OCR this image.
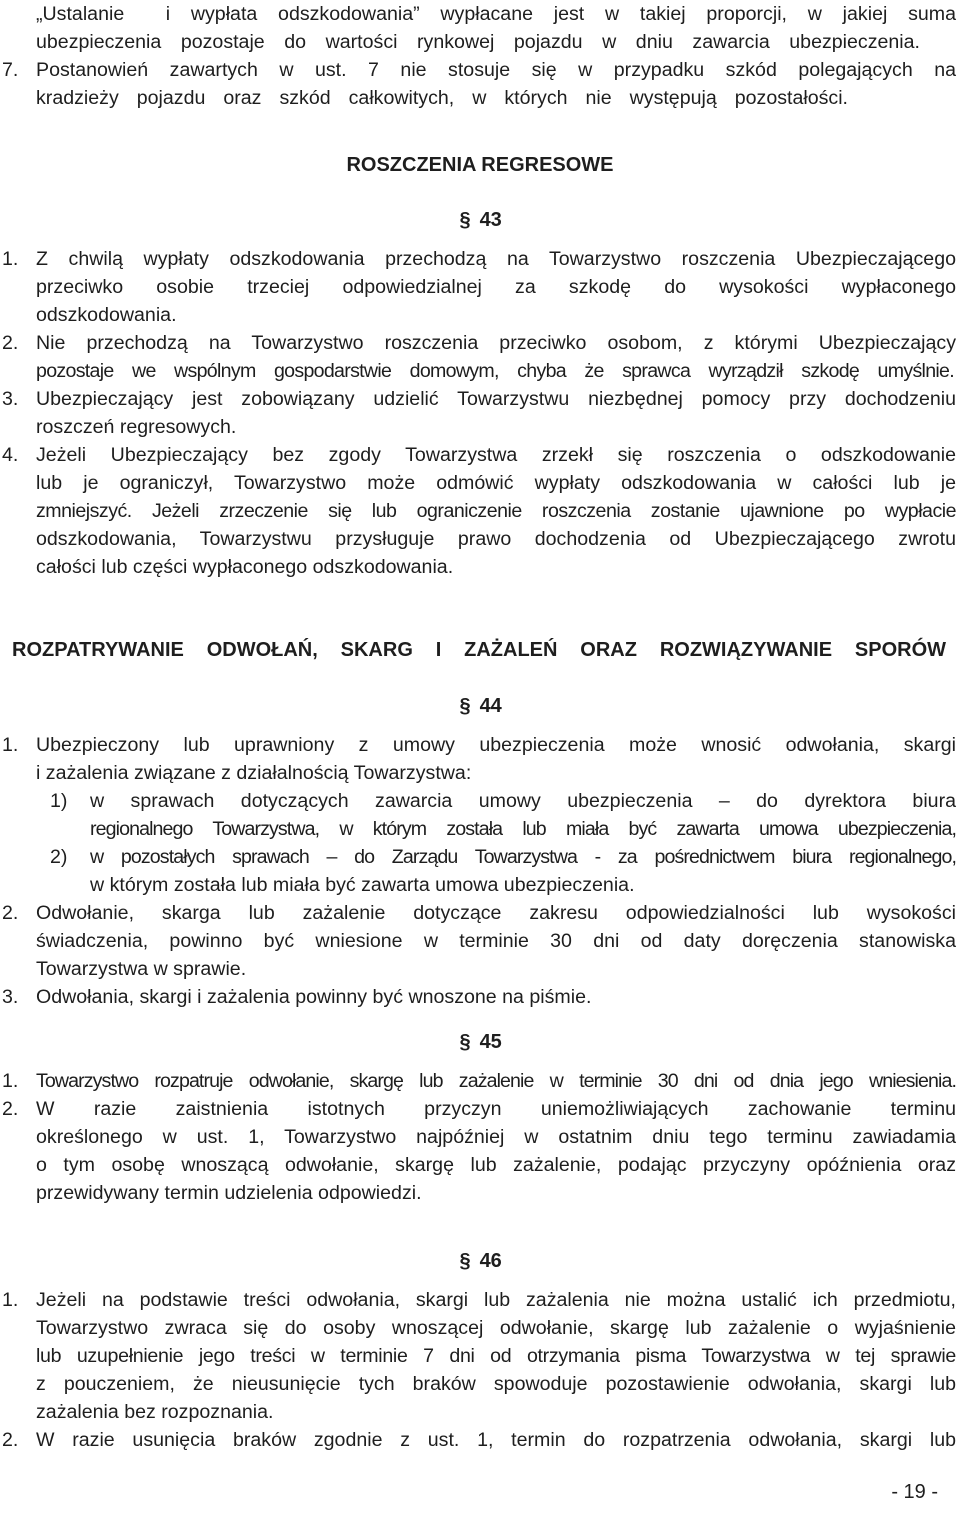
„Ustalanie  i wypłata odszkodowania” wypłacane jest w takiej proporcji, w jakiej suma

ubezpieczenia pozostaje do wartości rynkowej pojazdu w dniu zawarcia ubezpieczenia.

7.

Postanowień zawartych w ust. 7 nie stosuje się w przypadku szkód polegających na

kradzieży pojazdu oraz szkód całkowitych, w których nie występują pozostałości.

ROSZCZENIA REGRESOWE
§ 43

1.

Z chwilą wypłaty odszkodowania przechodzą na Towarzystwo roszczenia Ubezpieczającego

przeciwko osobie trzeciej odpowiedzialnej za szkodę do wysokości wypłaconego

odszkodowania.

2.

Nie przechodzą na Towarzystwo roszczenia przeciwko osobom, z którymi Ubezpieczający

pozostaje we wspólnym gospodarstwie domowym, chyba że sprawca wyrządził szkodę umyślnie.

3.

Ubezpieczający jest zobowiązany udzielić Towarzystwu niezbędnej pomocy przy dochodzeniu

roszczeń regresowych.

4.

Jeżeli Ubezpieczający bez zgody Towarzystwa zrzekł się roszczenia o odszkodowanie

lub je ograniczył, Towarzystwo może odmówić wypłaty odszkodowania w całości lub je

zmniejszyć. Jeżeli zrzeczenie się lub ograniczenie roszczenia zostanie ujawnione po wypłacie

odszkodowania, Towarzystwu przysługuje prawo dochodzenia od Ubezpieczającego zwrotu

całości lub części wypłaconego odszkodowania.

ROZPATRYWANIE ODWOŁAŃ, SKARG I ZAŻALEŃ ORAZ ROZWIĄZYWANIE SPORÓW
§ 44

1.

Ubezpieczony lub uprawniony z umowy ubezpieczenia może wnosić odwołania, skargi

i zażalenia związane z działalnością Towarzystwa:

1)

w sprawach dotyczących zawarcia umowy ubezpieczenia – do dyrektora biura

regionalnego Towarzystwa, w którym została lub miała być zawarta umowa ubezpieczenia,

2)

w pozostałych sprawach – do Zarządu Towarzystwa - za pośrednictwem biura regionalnego,

w którym została lub miała być zawarta umowa ubezpieczenia.

2.

Odwołanie, skarga lub zażalenie dotyczące zakresu odpowiedzialności lub wysokości

świadczenia, powinno być wniesione w terminie 30 dni od daty doręczenia stanowiska

Towarzystwa w sprawie.

3.

Odwołania, skargi i zażalenia powinny być wnoszone na piśmie.

§ 45

1.

Towarzystwo rozpatruje odwołanie, skargę lub zażalenie w terminie 30 dni od dnia jego wniesienia.

2.

W razie zaistnienia istotnych przyczyn uniemożliwiających zachowanie terminu

określonego w ust. 1, Towarzystwo najpóźniej w ostatnim dniu tego terminu zawiadamia

o tym osobę wnoszącą odwołanie, skargę lub zażalenie, podając przyczyny opóźnienia oraz

przewidywany termin udzielenia odpowiedzi.

§ 46

1.

Jeżeli na podstawie treści odwołania, skargi lub zażalenia nie można ustalić ich przedmiotu,

Towarzystwo zwraca się do osoby wnoszącej odwołanie, skargę lub zażalenie o wyjaśnienie

lub uzupełnienie jego treści w terminie 7 dni od otrzymania pisma Towarzystwa w tej sprawie

z pouczeniem, że nieusunięcie tych braków spowoduje pozostawienie odwołania, skargi lub

zażalenia bez rozpoznania.

2.

W razie usunięcia braków zgodnie z ust. 1, termin do rozpatrzenia odwołania, skargi lub

- 19 -
